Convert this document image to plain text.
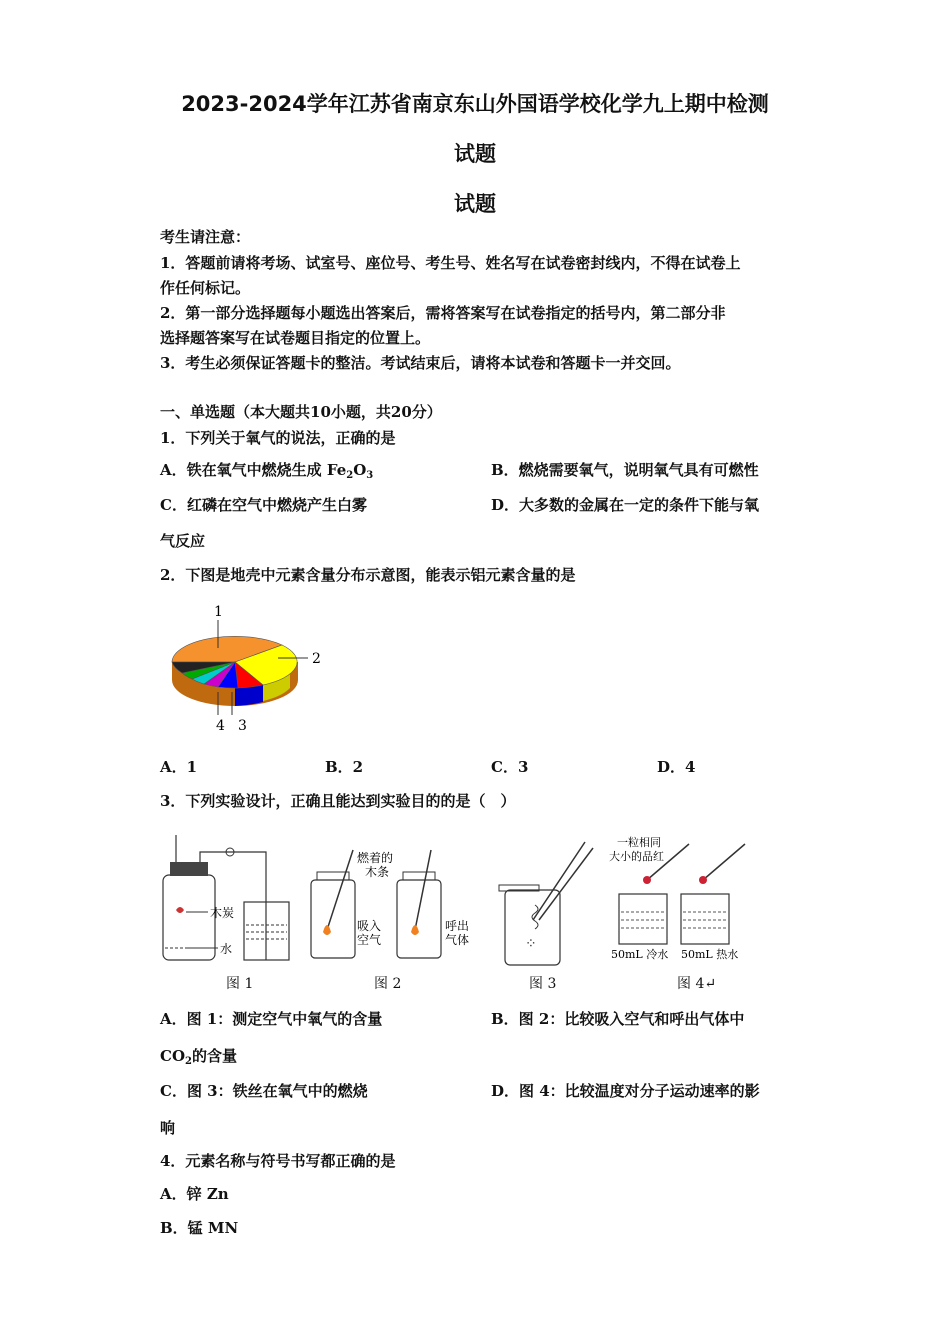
2023-2024学年江苏省南京东山外国语学校化学九上期中检测
试题
试题
考生请注意：
1．答题前请将考场、试室号、座位号、考生号、姓名写在试卷密封线内，不得在试卷上
作任何标记。
2．第一部分选择题每小题选出答案后，需将答案写在试卷指定的括号内，第二部分非
选择题答案写在试卷题目指定的位置上。
3．考生必须保证答题卡的整洁。考试结束后，请将本试卷和答题卡一并交回。
一、单选题（本大题共10小题，共20分）
1．下列关于氧气的说法，正确的是
A．铁在氧气中燃烧生成 $Fe_2O_3$	B．燃烧需要氧气，说明氧气具有可燃性
C．红磷在空气中燃烧产生白雾	D．大多数的金属在一定的条件下能与氧
气反应
2．下图是地壳中元素含量分布示意图，能表示铝元素含量的是
1
2
3
4
A．1	B．2	C．3	D．4
3．下列实验设计，正确且能达到实验目的的是（　）
木炭
水
燃着的
木条
吸入
空气
呼出
气体	⁘
一粒相同
大小的品红
50mL 冷水 50mL 热水
图 1	图 2	图 3	图 4↵
A．图 1：测定空气中氧气的含量	B．图 2：比较吸入空气和呼出气体中
$CO_2$的含量
C．图 3：铁丝在氧气中的燃烧	D．图 4：比较温度对分子运动速率的影
响
4．元素名称与符号书写都正确的是
A．锌 Zn
B．锰 MN
